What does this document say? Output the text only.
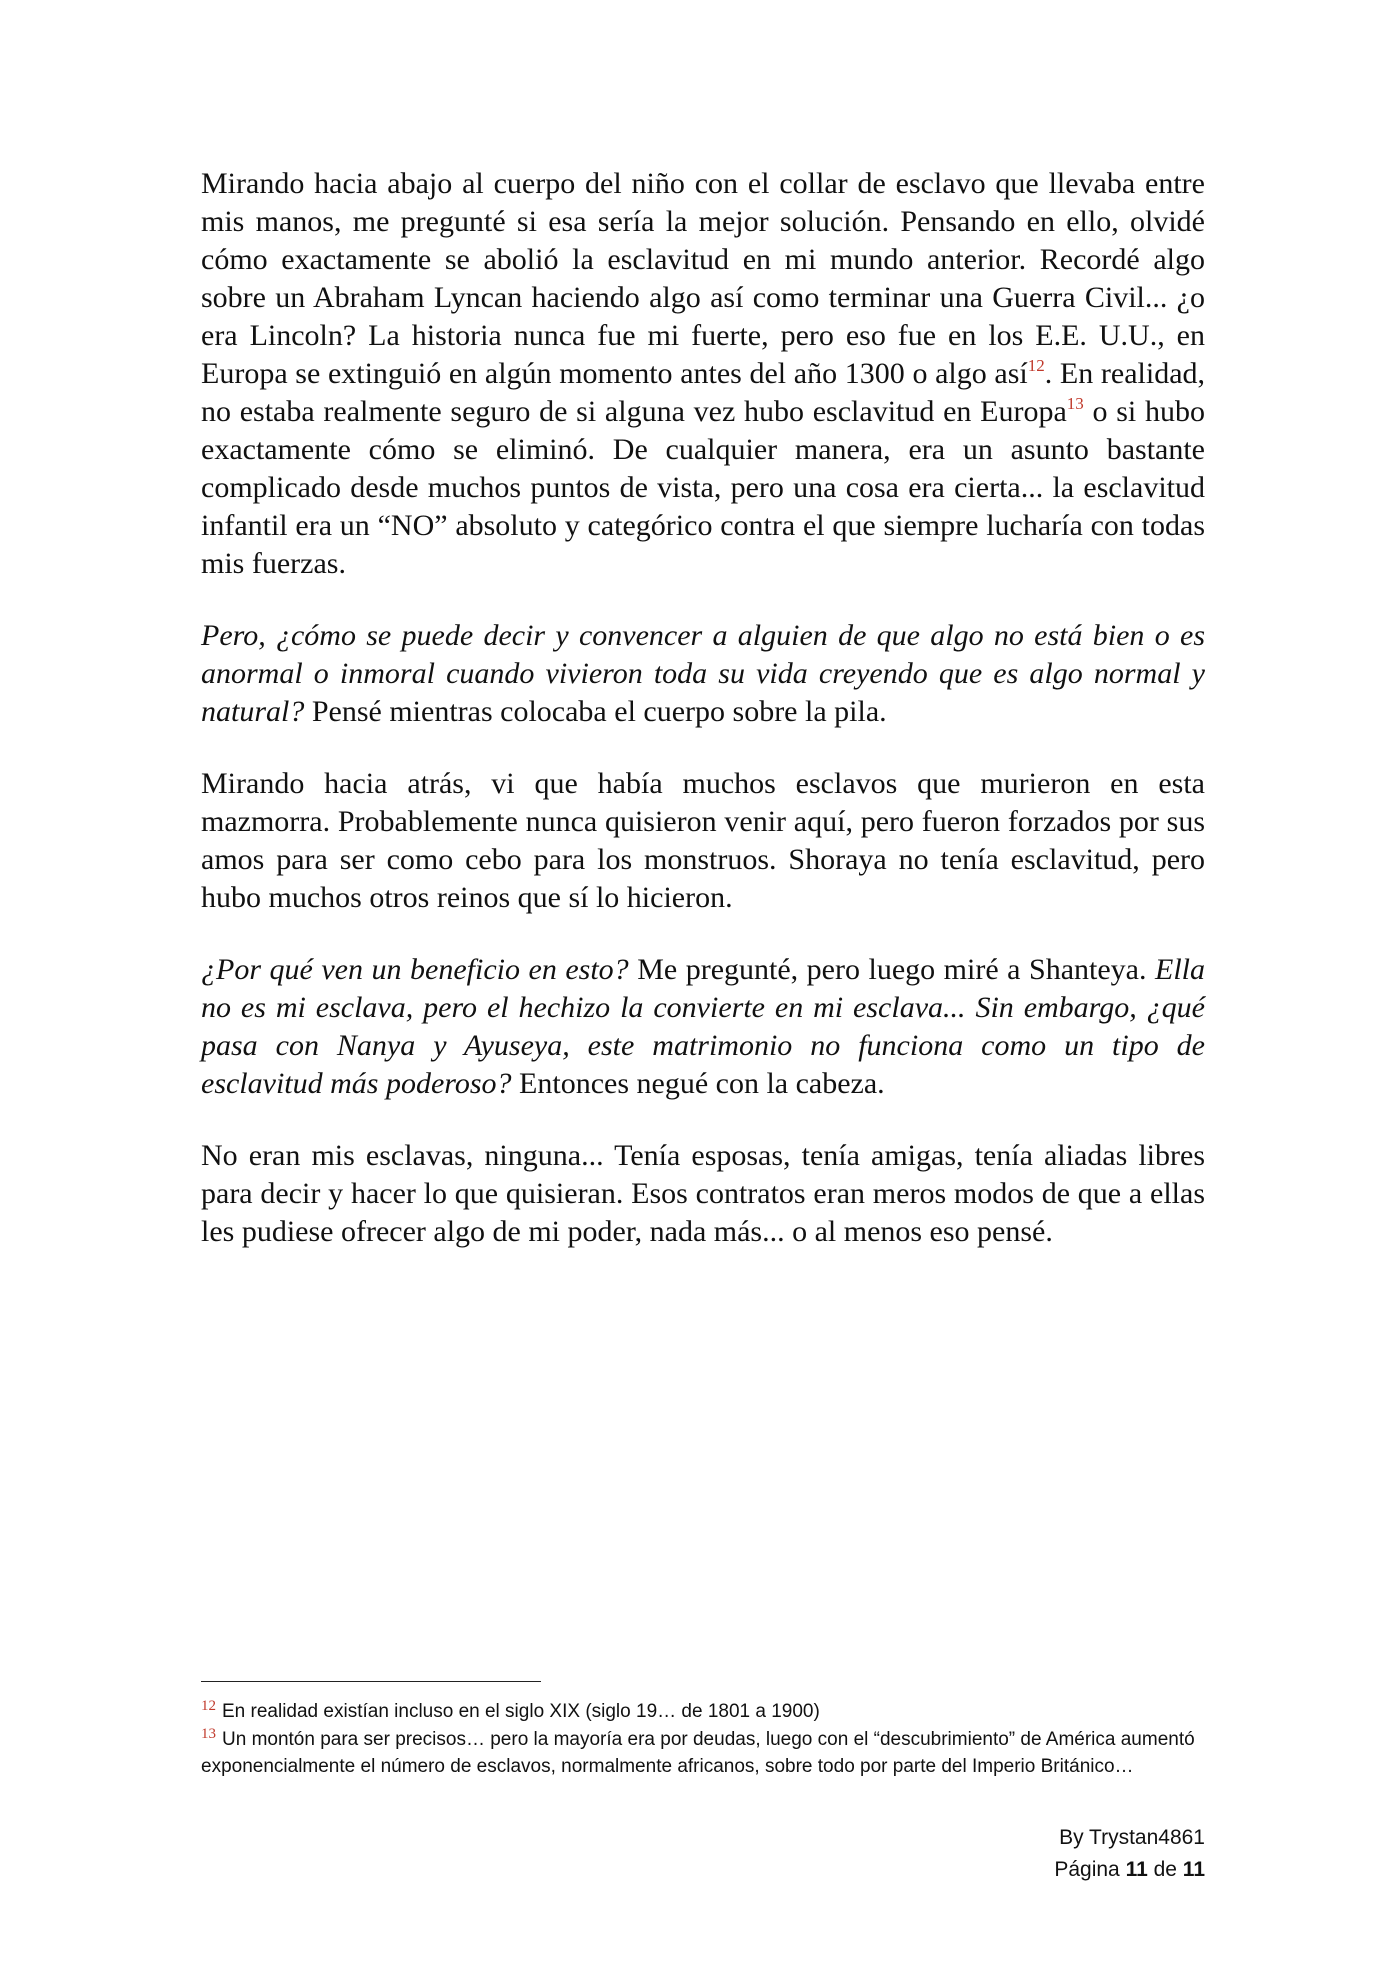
Mirando hacia abajo al cuerpo del niño con el collar de esclavo que llevaba entre mis manos, me pregunté si esa sería la mejor solución. Pensando en ello, olvidé cómo exactamente se abolió la esclavitud en mi mundo anterior. Recordé algo sobre un Abraham Lyncan haciendo algo así como terminar una Guerra Civil... ¿o era Lincoln? La historia nunca fue mi fuerte, pero eso fue en los E.E. U.U., en Europa se extinguió en algún momento antes del año 1300 o algo así$^{12}$. En realidad, no estaba realmente seguro de si alguna vez hubo esclavitud en Europa$^{13}$ o si hubo exactamente cómo se eliminó. De cualquier manera, era un asunto bastante complicado desde muchos puntos de vista, pero una cosa era cierta... la esclavitud infantil era un “NO” absoluto y categórico contra el que siempre lucharía con todas mis fuerzas.

Pero, ¿cómo se puede decir y convencer a alguien de que algo no está bien o es anormal o inmoral cuando vivieron toda su vida creyendo que es algo normal y natural? Pensé mientras colocaba el cuerpo sobre la pila.

Mirando hacia atrás, vi que había muchos esclavos que murieron en esta mazmorra. Probablemente nunca quisieron venir aquí, pero fueron forzados por sus amos para ser como cebo para los monstruos. Shoraya no tenía esclavitud, pero hubo muchos otros reinos que sí lo hicieron.

¿Por qué ven un beneficio en esto? Me pregunté, pero luego miré a Shanteya. Ella no es mi esclava, pero el hechizo la convierte en mi esclava... Sin embargo, ¿qué pasa con Nanya y Ayuseya, este matrimonio no funciona como un tipo de esclavitud más poderoso? Entonces negué con la cabeza.

No eran mis esclavas, ninguna... Tenía esposas, tenía amigas, tenía aliadas libres para decir y hacer lo que quisieran. Esos contratos eran meros modos de que a ellas les pudiese ofrecer algo de mi poder, nada más... o al menos eso pensé.

$^{12}$ En realidad existían incluso en el siglo XIX (siglo 19… de 1801 a 1900)
$^{13}$ Un montón para ser precisos… pero la mayoría era por deudas, luego con el “descubrimiento” de América aumentó exponencialmente el número de esclavos, normalmente africanos, sobre todo por parte del Imperio Británico…
By Trystan4861
Página 11 de 11
